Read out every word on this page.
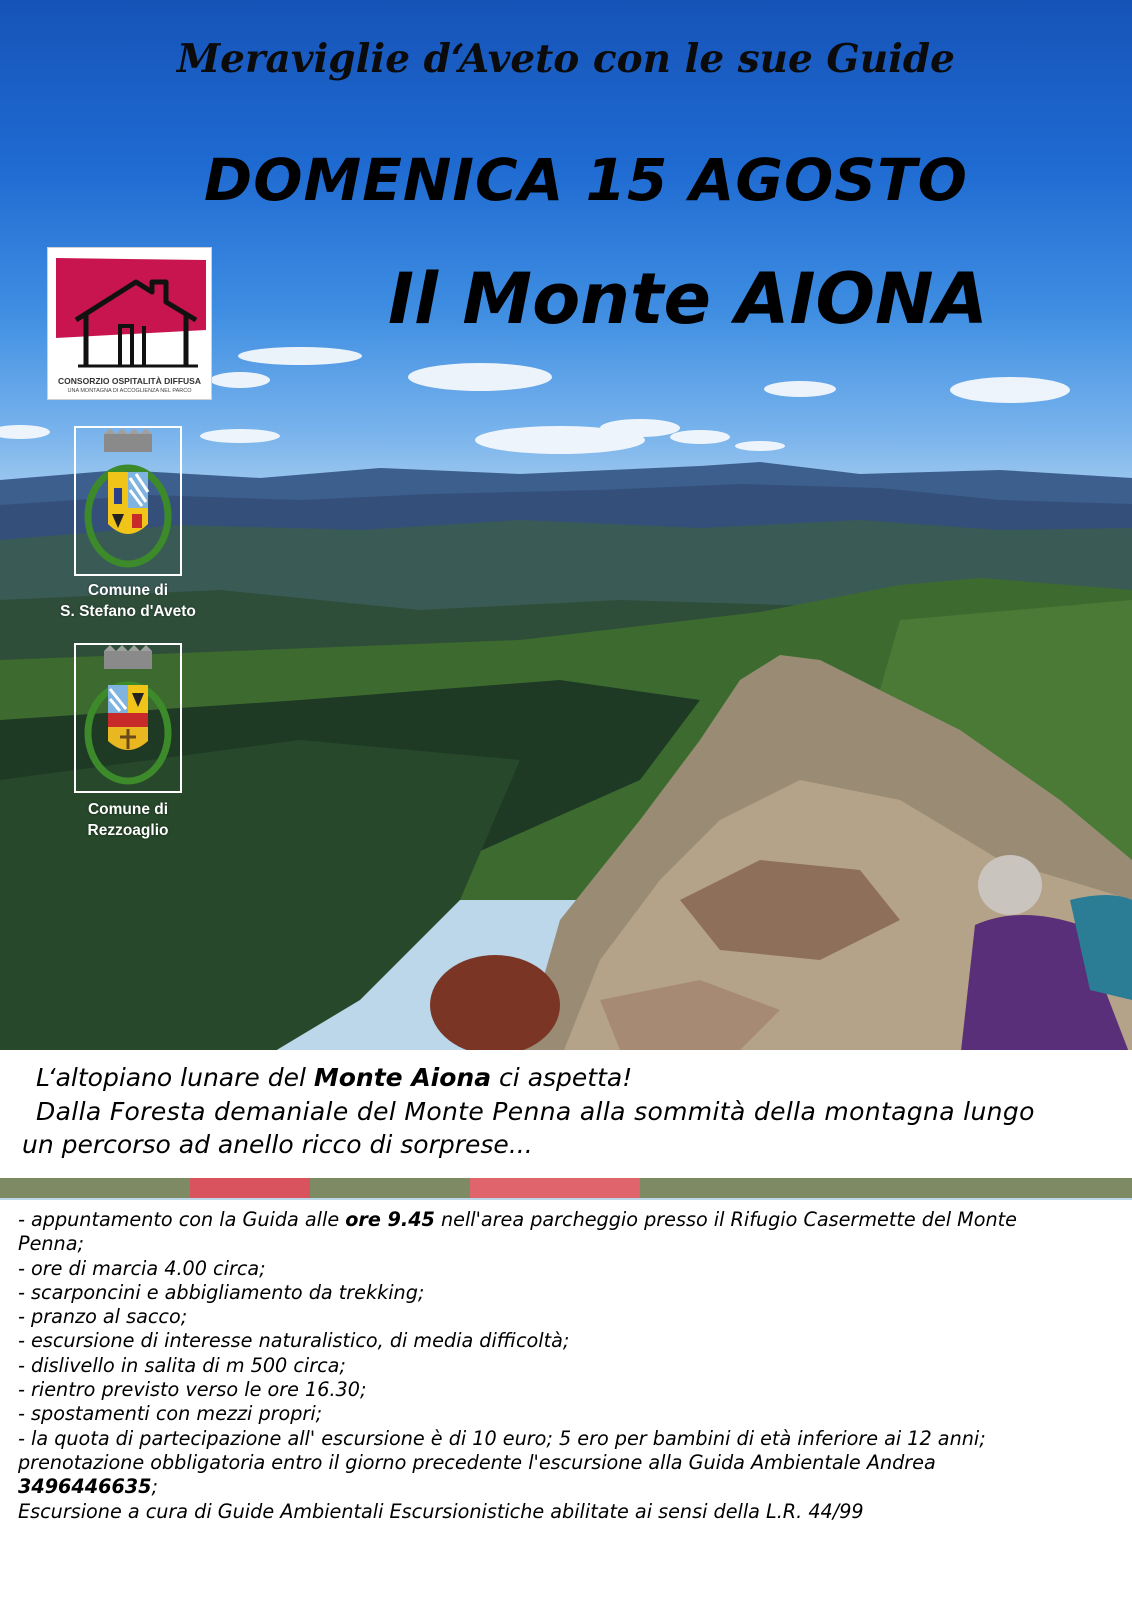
Meraviglie d‘Aveto con le sue Guide
DOMENICA 15 AGOSTO
Il Monte AIONA
CONSORZIO OSPITALITÀ DIFFUSA
UNA MONTAGNA DI ACCOGLIENZA NEL PARCO
Comune di
S. Stefano d'Aveto
Comune di
Rezzoaglio

L‘altopiano lunare del Monte Aiona ci aspetta!

Dalla Foresta demaniale del Monte Penna alla sommità della montagna lungo

un percorso ad anello ricco di sorprese...

- appuntamento con la Guida alle ore 9.45 nell'area parcheggio presso il Rifugio Casermette del Monte
Penna;
- ore di marcia 4.00 circa;
- scarponcini e abbigliamento da trekking;
- pranzo al sacco;
- escursione di interesse naturalistico, di media difficoltà;
- dislivello in salita di m 500 circa;
- rientro previsto verso le ore 16.30;
- spostamenti con mezzi propri;
- la quota di partecipazione all' escursione è di 10 euro; 5 ero per bambini di età inferiore ai 12 anni;
prenotazione obbligatoria entro il giorno precedente l'escursione alla Guida Ambientale Andrea
3496446635;
Escursione a cura di Guide Ambientali Escursionistiche abilitate ai sensi della L.R. 44/99
